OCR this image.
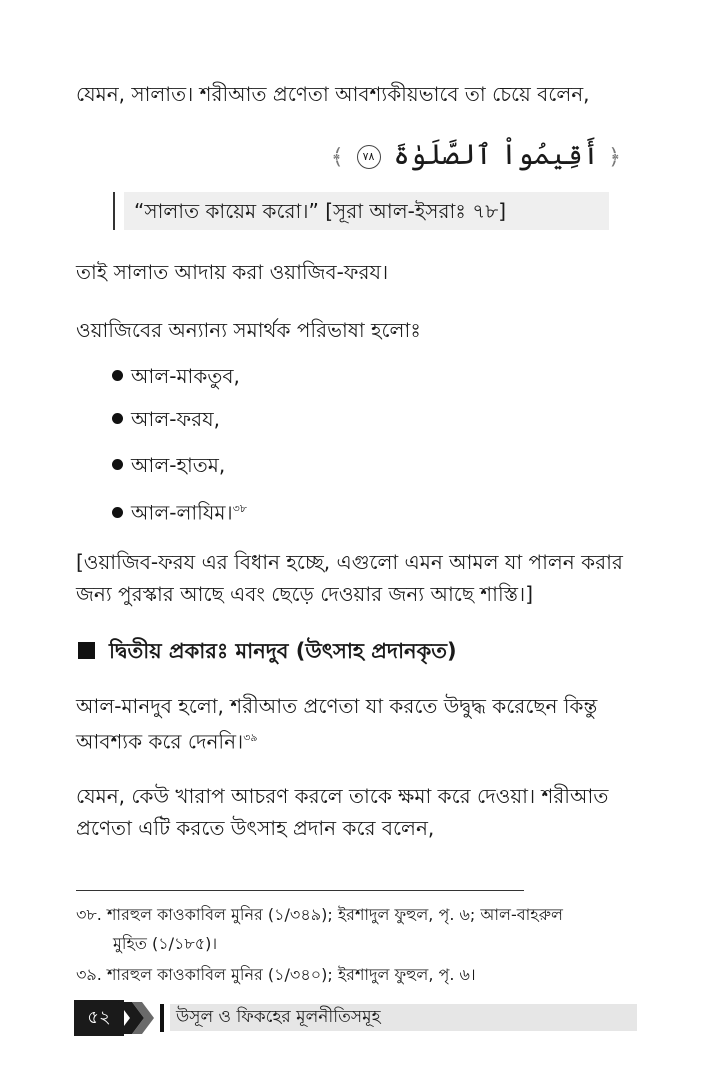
যেমন, সালাত। শরীআত প্রণেতা আবশ্যকীয়ভাবে তা চেয়ে বলেন,
﴿ أَقِيمُواْ ٱلصَّلَوٰةَ ٧٨ ﴾
“সালাত কায়েম করো।” [সূরা আল-ইসরাঃ ৭৮]
তাই সালাত আদায় করা ওয়াজিব-ফরয।
ওয়াজিবের অন্যান্য সমার্থক পরিভাষা হলোঃ
আল-মাকতুব,
আল-ফরয,
আল-হাতম,
আল-লাযিম।$^{৩৮}$
[ওয়াজিব-ফরয এর বিধান হচ্ছে, এগুলো এমন আমল যা পালন করার
জন্য পুরস্কার আছে এবং ছেড়ে দেওয়ার জন্য আছে শাস্তি।]
দ্বিতীয় প্রকারঃ মানদুব (উৎসাহ প্রদানকৃত)
আল-মানদুব হলো, শরীআত প্রণেতা যা করতে উদ্বুদ্ধ করেছেন কিন্তু
আবশ্যক করে দেননি।$^{৩৯}$
যেমন, কেউ খারাপ আচরণ করলে তাকে ক্ষমা করে দেওয়া। শরীআত
প্রণেতা এটি করতে উৎসাহ প্রদান করে বলেন,
৩৮. শারহুল কাওকাবিল মুনির (১/৩৪৯); ইরশাদুল ফুহুল, পৃ. ৬; আল-বাহরুল
মুহিত (১/১৮৫)।
৩৯. শারহুল কাওকাবিল মুনির (১/৩৪০); ইরশাদুল ফুহুল, পৃ. ৬।
৫২	উসূল ও ফিকহের মূলনীতিসমূহ
